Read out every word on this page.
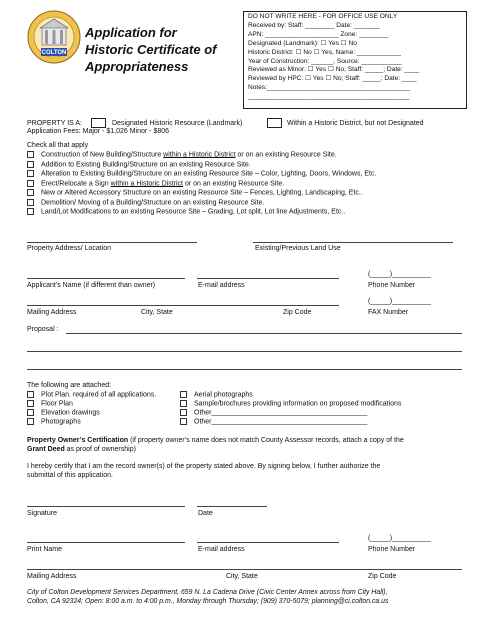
COLTON
Application for
Historic Certificate of
Appropriateness
DO NOT WRITE HERE - FOR OFFICE USE ONLY
Received by: Staff: ________ Date: _______
APN: ____________________ Zone: ________
Designated (Landmark): ☐ Yes ☐ No
Historic District: ☐ No ☐ Yes, Name: ____________
Year of Construction: ______, Source: ___________
Reviewed as Minor: ☐ Yes ☐ No; Staff: _____; Date: ____
Reviewed by HPC: ☐ Yes ☐ No; Staff: _____; Date: ____
Notes:_______________________________________
____________________________________________
PROPERTY IS A:	Designated Historic Resource (Landmark)	Within a Historic District, but not Designated
Application Fees: Major - $1,026 Minor - $806
Check all that apply
Construction of New Building/Structure within a Historic District or on an existing Resource Site.
Addition to Existing Building/Structure on an existing Resource Site.
Alteration to Existing Building/Structure on an existing Resource Site – Color, Lighting, Doors, Windows, Etc.
Erect/Relocate a Sign within a Historic District or on an existing Resource Site.
New or Altered Accessory Structure on an existing Resource Site – Fences, Lighting, Landscaping, Etc..
Demolition/ Moving of a Building/Structure on an existing Resource Site.
Land/Lot Modifications to an existing Resource Site – Grading, Lot split, Lot line Adjustments, Etc..
Property Address/ Location	Existing/Previous Land Use
(_____)__________
Applicant’s Name (if different than owner)	E-mail address	Phone Number
(_____)__________
Mailing Address	City, State	Zip Code	FAX Number
Proposal :
The following are attached:
Plot Plan. required of all applications.
Floor Plan
Elevation drawings
Photographs
Aerial photographs
Sample/brochures providing information on proposed modifications
Other________________________________________
Other________________________________________
Property Owner’s Certification (if property owner’s name does not match County Assessor records, attach a copy of the
Grant Deed as proof of ownership)
I hereby certify that I am the record owner(s) of the property stated above. By signing below, I further authorize the
submittal of this application.
Signature	Date
(_____)__________
Print Name	E-mail address	Phone Number
Mailing Address	City, State	Zip Code
City of Colton Development Services Department, 659 N. La Cadena Drive (Civic Center Annex across from City Hall),
Colton, CA 92324; Open: 8:00 a.m. to 4:00 p.m., Monday through Thursday; (909) 370-5079; planning@ci.colton.ca.us
